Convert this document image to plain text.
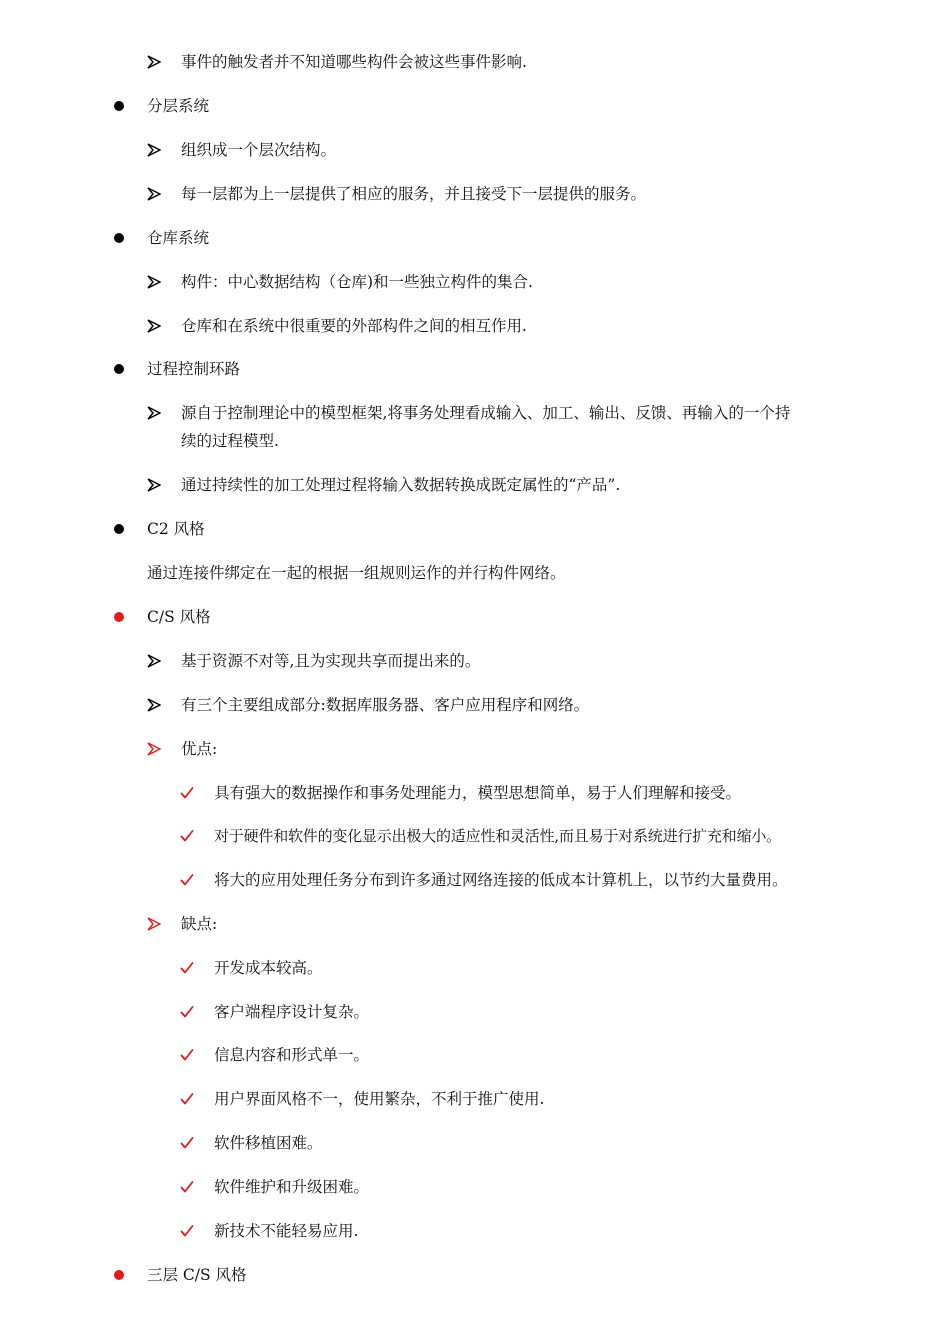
事件的触发者并不知道哪些构件会被这些事件影响.
分层系统
组织成一个层次结构。
每一层都为上一层提供了相应的服务，并且接受下一层提供的服务。
仓库系统
构件：中心数据结构（仓库)和一些独立构件的集合.
仓库和在系统中很重要的外部构件之间的相互作用.
过程控制环路
源自于控制理论中的模型框架,将事务处理看成输入、加工、输出、反馈、再输入的一个持
续的过程模型.
通过持续性的加工处理过程将输入数据转换成既定属性的“产品”.
C2 风格
通过连接件绑定在一起的根据一组规则运作的并行构件网络。
C/S 风格
基于资源不对等,且为实现共享而提出来的。
有三个主要组成部分:数据库服务器、客户应用程序和网络。
优点:
具有强大的数据操作和事务处理能力，模型思想简单，易于人们理解和接受。
对于硬件和软件的变化显示出极大的适应性和灵活性,而且易于对系统进行扩充和缩小。
将大的应用处理任务分布到许多通过网络连接的低成本计算机上，以节约大量费用。
缺点:
开发成本较高。
客户端程序设计复杂。
信息内容和形式单一。
用户界面风格不一，使用繁杂，不利于推广使用.
软件移植困难。
软件维护和升级困难。
新技术不能轻易应用.
三层 C/S 风格
